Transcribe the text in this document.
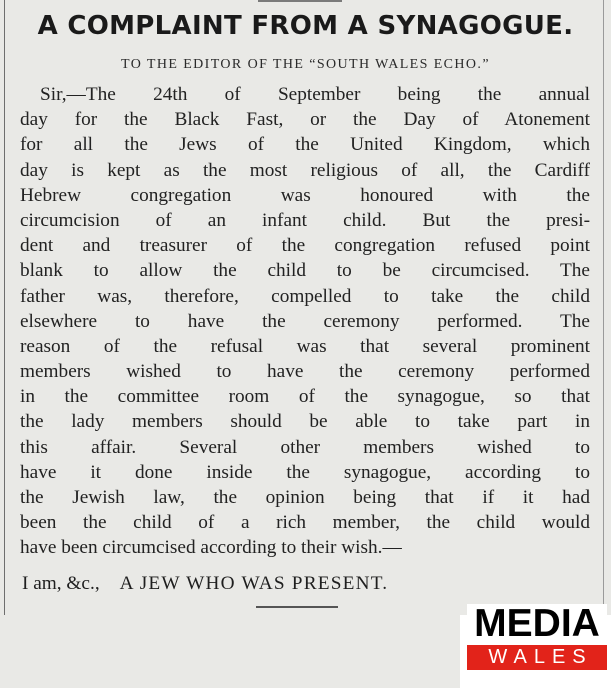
A COMPLAINT FROM A SYNAGOGUE.
TO THE EDITOR OF THE “SOUTH WALES ECHO.”
Sir,—The 24th of September being the annual
day for the Black Fast, or the Day of Atonement
for all the Jews of the United Kingdom, which
day is kept as the most religious of all, the Cardiff
Hebrew congregation was honoured with the
circumcision of an infant child. But the presi-
dent and treasurer of the congregation refused point
blank to allow the child to be circumcised. The
father was, therefore, compelled to take the child
elsewhere to have the ceremony performed. The
reason of the refusal was that several prominent
members wished to have the ceremony performed
in the committee room of the synagogue, so that
the lady members should be able to take part in
this affair. Several other members wished to
have it done inside the synagogue, according to
the Jewish law, the opinion being that if it had
been the child of a rich member, the child would
have been circumcised according to their wish.—
I am, &c., A JEW WHO WAS PRESENT.
MEDIA
WALES
